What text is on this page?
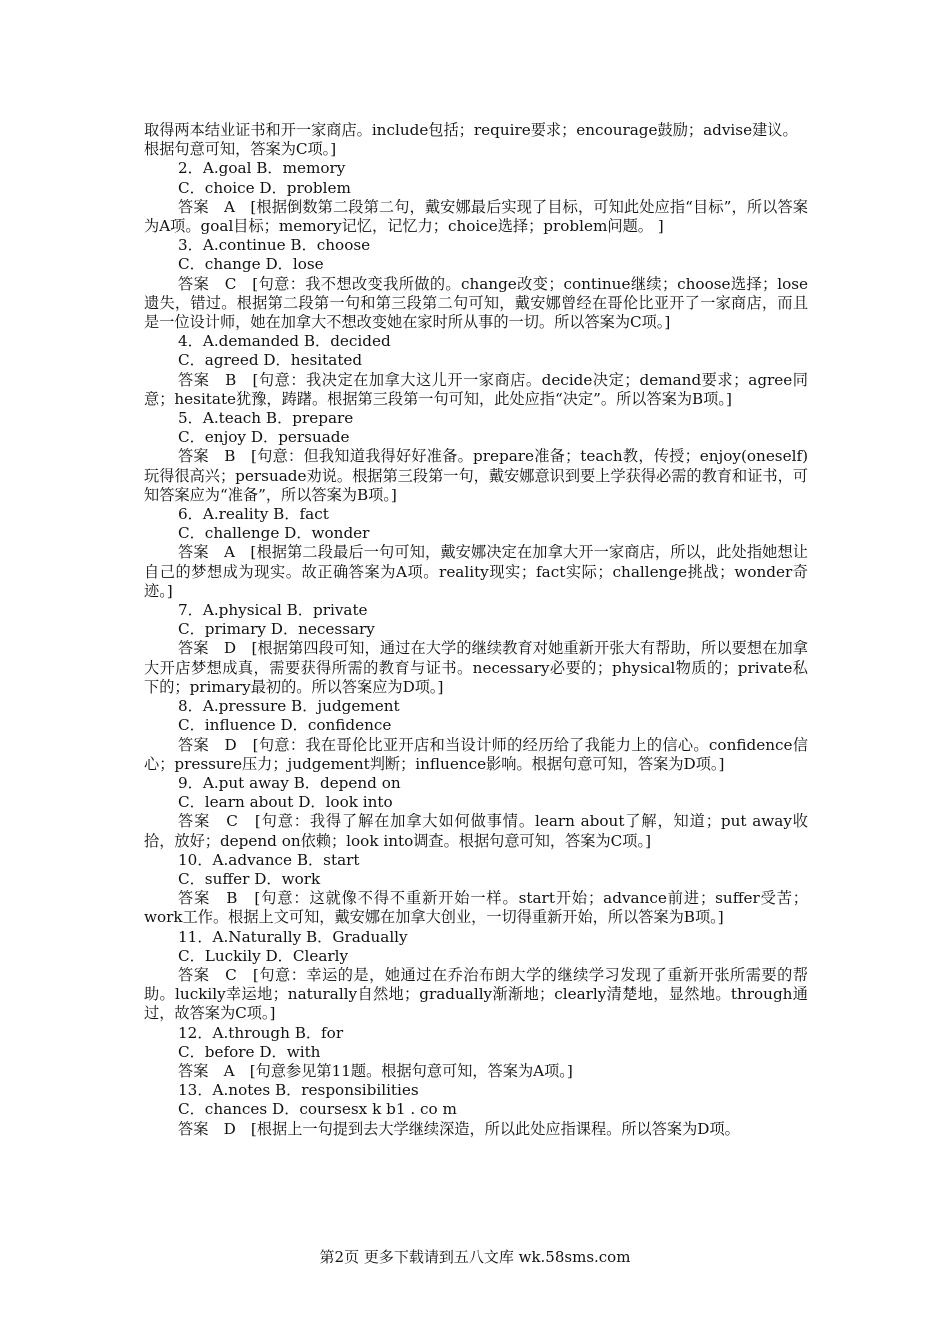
取得两本结业证书和开一家商店。include包括；require要求；encourage鼓励；advise建议。根据句意可知，答案为C项。]

2．A.goal B．memory

C．choice D．problem

答案　A　[根据倒数第二段第二句，戴安娜最后实现了目标，可知此处应指“目标”，所以答案为A项。goal目标；memory记忆，记忆力；choice选择；problem问题。 ]

3．A.continue B．choose

C．change D．lose

答案　C　[句意：我不想改变我所做的。change改变；continue继续；choose选择；lose遗失，错过。根据第二段第一句和第三段第二句可知，戴安娜曾经在哥伦比亚开了一家商店，而且是一位设计师，她在加拿大不想改变她在家时所从事的一切。所以答案为C项。]

4．A.demanded B．decided

C．agreed D．hesitated

答案　B　[句意：我决定在加拿大这儿开一家商店。decide决定；demand要求；agree同意；hesitate犹豫，踌躇。根据第三段第一句可知，此处应指“决定”。所以答案为B项。]

5．A.teach B．prepare

C．enjoy D．persuade

答案　B　[句意：但我知道我得好好准备。prepare准备；teach教，传授；enjoy(oneself)玩得很高兴；persuade劝说。根据第三段第一句，戴安娜意识到要上学获得必需的教育和证书，可知答案应为“准备”，所以答案为B项。]

6．A.reality B．fact

C．challenge D．wonder

答案　A　[根据第二段最后一句可知，戴安娜决定在加拿大开一家商店，所以，此处指她想让自己的梦想成为现实。故正确答案为A项。reality现实；fact实际；challenge挑战；wonder奇迹。]

7．A.physical B．private

C．primary D．necessary

答案　D　[根据第四段可知，通过在大学的继续教育对她重新开张大有帮助，所以要想在加拿大开店梦想成真，需要获得所需的教育与证书。necessary必要的；physical物质的；private私下的；primary最初的。所以答案应为D项。]

8．A.pressure B．judgement

C．influence D．confidence

答案　D　[句意：我在哥伦比亚开店和当设计师的经历给了我能力上的信心。confidence信心；pressure压力；judgement判断；influence影响。根据句意可知，答案为D项。]

9．A.put away B．depend on

C．learn about D．look into

答案　C　[句意：我得了解在加拿大如何做事情。learn about了解，知道；put away收拾，放好；depend on依赖；look into调查。根据句意可知，答案为C项。]

10．A.advance B．start

C．suffer D．work

答案　B　[句意：这就像不得不重新开始一样。start开始；advance前进；suffer受苦；work工作。根据上文可知，戴安娜在加拿大创业，一切得重新开始，所以答案为B项。]

11．A.Naturally B．Gradually

C．Luckily D．Clearly

答案　C　[句意：幸运的是，她通过在乔治布朗大学的继续学习发现了重新开张所需要的帮助。luckily幸运地；naturally自然地；gradually渐渐地；clearly清楚地，显然地。through通过，故答案为C项。]

12．A.through B．for

C．before D．with

答案　A　[句意参见第11题。根据句意可知，答案为A项。]

13．A.notes B．responsibilities

C．chances D．coursesx k b1 . co m

答案　D　[根据上一句提到去大学继续深造，所以此处应指课程。所以答案为D项。

第2页 更多下载请到五八文库 wk.58sms.com
